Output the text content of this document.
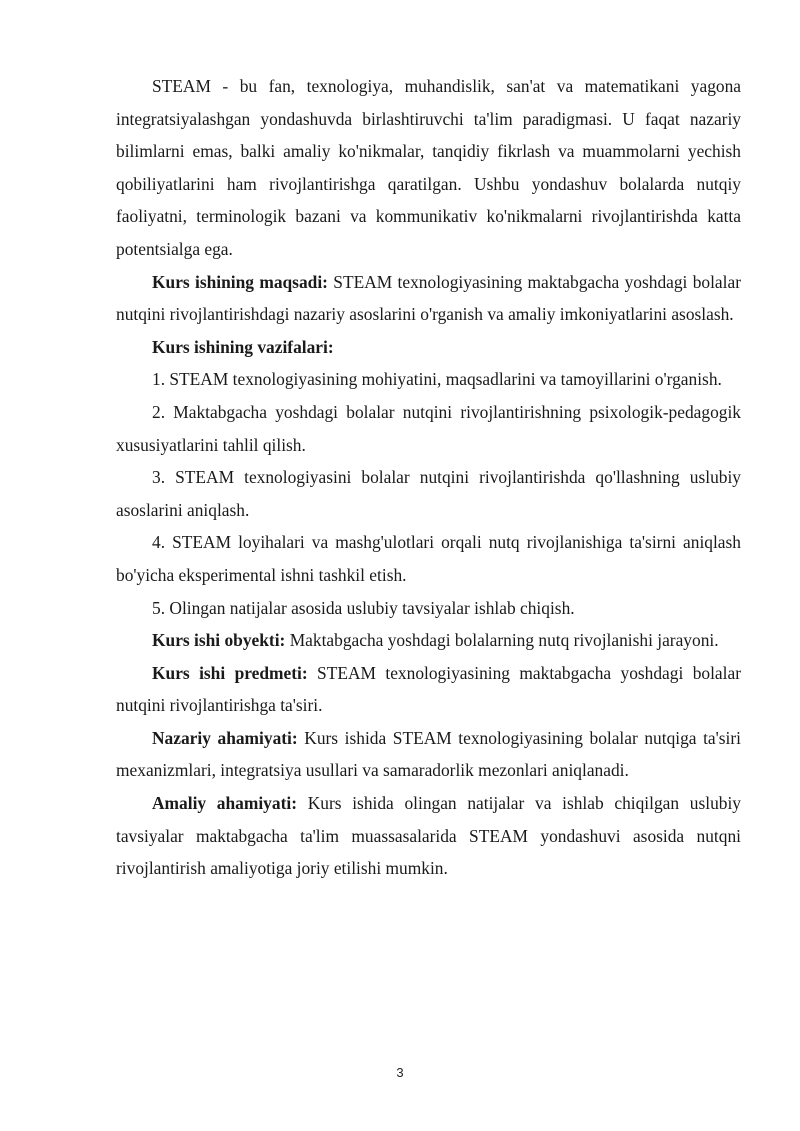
STEAM - bu fan, texnologiya, muhandislik, san'at va matematikani yagona integratsiyalashgan yondashuvda birlashtiruvchi ta'lim paradigmasi. U faqat nazariy bilimlarni emas, balki amaliy ko'nikmalar, tanqidiy fikrlash va muammolarni yechish qobiliyatlarini ham rivojlantirishga qaratilgan. Ushbu yondashuv bolalarda nutqiy faoliyatni, terminologik bazani va kommunikativ ko'nikmalarni rivojlantirishda katta potentsialga ega.

Kurs ishining maqsadi: STEAM texnologiyasining maktabgacha yoshdagi bolalar nutqini rivojlantirishdagi nazariy asoslarini o'rganish va amaliy imkoniyatlarini asoslash.

Kurs ishining vazifalari:

1. STEAM texnologiyasining mohiyatini, maqsadlarini va tamoyillarini o'rganish.

2. Maktabgacha yoshdagi bolalar nutqini rivojlantirishning psixologik-pedagogik xususiyatlarini tahlil qilish.

3. STEAM texnologiyasini bolalar nutqini rivojlantirishda qo'llashning uslubiy asoslarini aniqlash.

4. STEAM loyihalari va mashg'ulotlari orqali nutq rivojlanishiga ta'sirni aniqlash bo'yicha eksperimental ishni tashkil etish.

5. Olingan natijalar asosida uslubiy tavsiyalar ishlab chiqish.

Kurs ishi obyekti: Maktabgacha yoshdagi bolalarning nutq rivojlanishi jarayoni.

Kurs ishi predmeti: STEAM texnologiyasining maktabgacha yoshdagi bolalar nutqini rivojlantirishga ta'siri.

Nazariy ahamiyati: Kurs ishida STEAM texnologiyasining bolalar nutqiga ta'siri mexanizmlari, integratsiya usullari va samaradorlik mezonlari aniqlanadi.

Amaliy ahamiyati: Kurs ishida olingan natijalar va ishlab chiqilgan uslubiy tavsiyalar maktabgacha ta'lim muassasalarida STEAM yondashuvi asosida nutqni rivojlantirish amaliyotiga joriy etilishi mumkin.

3
